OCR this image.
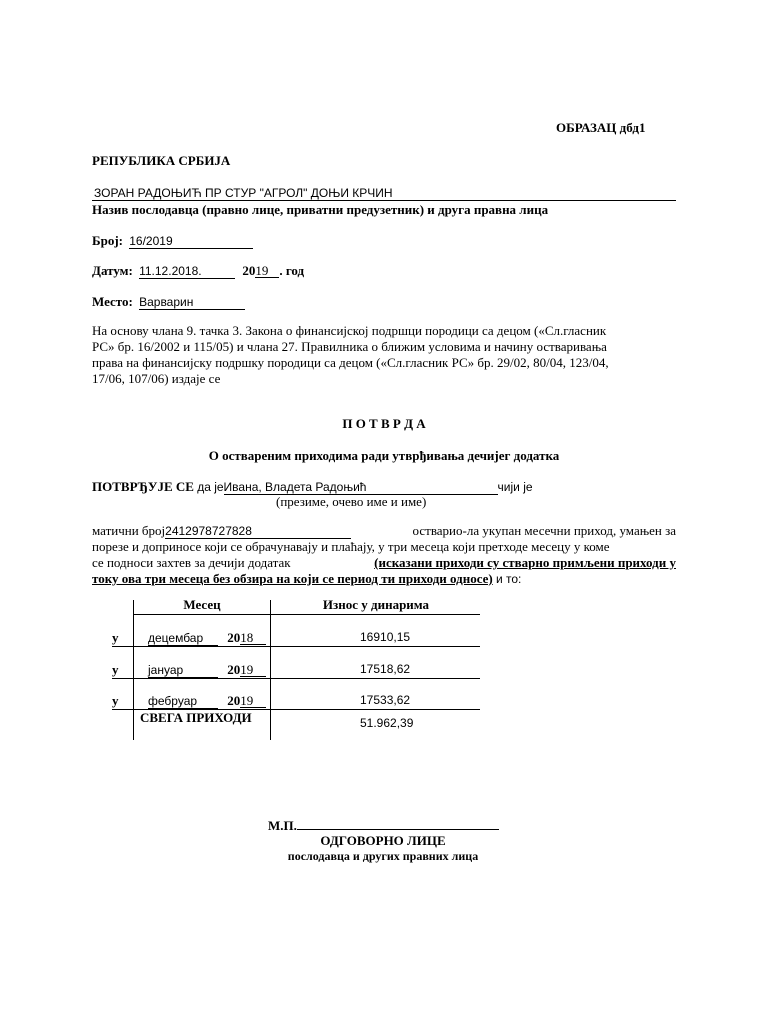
ОБРАЗАЦ дбд1
РЕПУБЛИКА СРБИЈА
ЗОРАН РАДОЊИЋ ПР СТУР "АГРОЛ" ДОЊИ КРЧИН
Назив послодавца (правно лице, приватни предузетник) и друга правна лица
Број: 16/2019
Датум: 11.12.2018.	2019 . год
Место: Варварин
На основу члана 9. тачка 3. Закона о финансијској подршци породици са децом («Сл.гласник
РС» бр. 16/2002 и 115/05) и члана 27. Правилника о ближим условима и начину остваривања
права на финансијску подршку породици са децом («Сл.гласник РС» бр. 29/02, 80/04, 123/04,
17/06, 107/06) издаје се
П О Т В Р Д А
О оствареним приходима ради утврђивања дечијег додатка
ПОТВРЂУЈЕ СЕ да јеИвана, Владета Радоњић	чији је
(презиме, очево име и име)
матични број2412978727828	остварио-ла укупан месечни приход, умањен за
порезе и доприносе који се обрачунавају и плаћају, у три месеца који претходе месецу у коме
се подноси захтев за дечији додатак	(исказани приходи су стварно примљени приходи у
току ова три месеца без обзира на који се период ти приходи односе) и то:
Месец	Износ у динарима
у децембар 2018	16910,15
у јануар	2019	17518,62
у фебруар 2019	17533,62
СВЕГА ПРИХОДИ	51.962,39
М.П.
ОДГОВОРНО ЛИЦЕ
послодавца и других правних лица
